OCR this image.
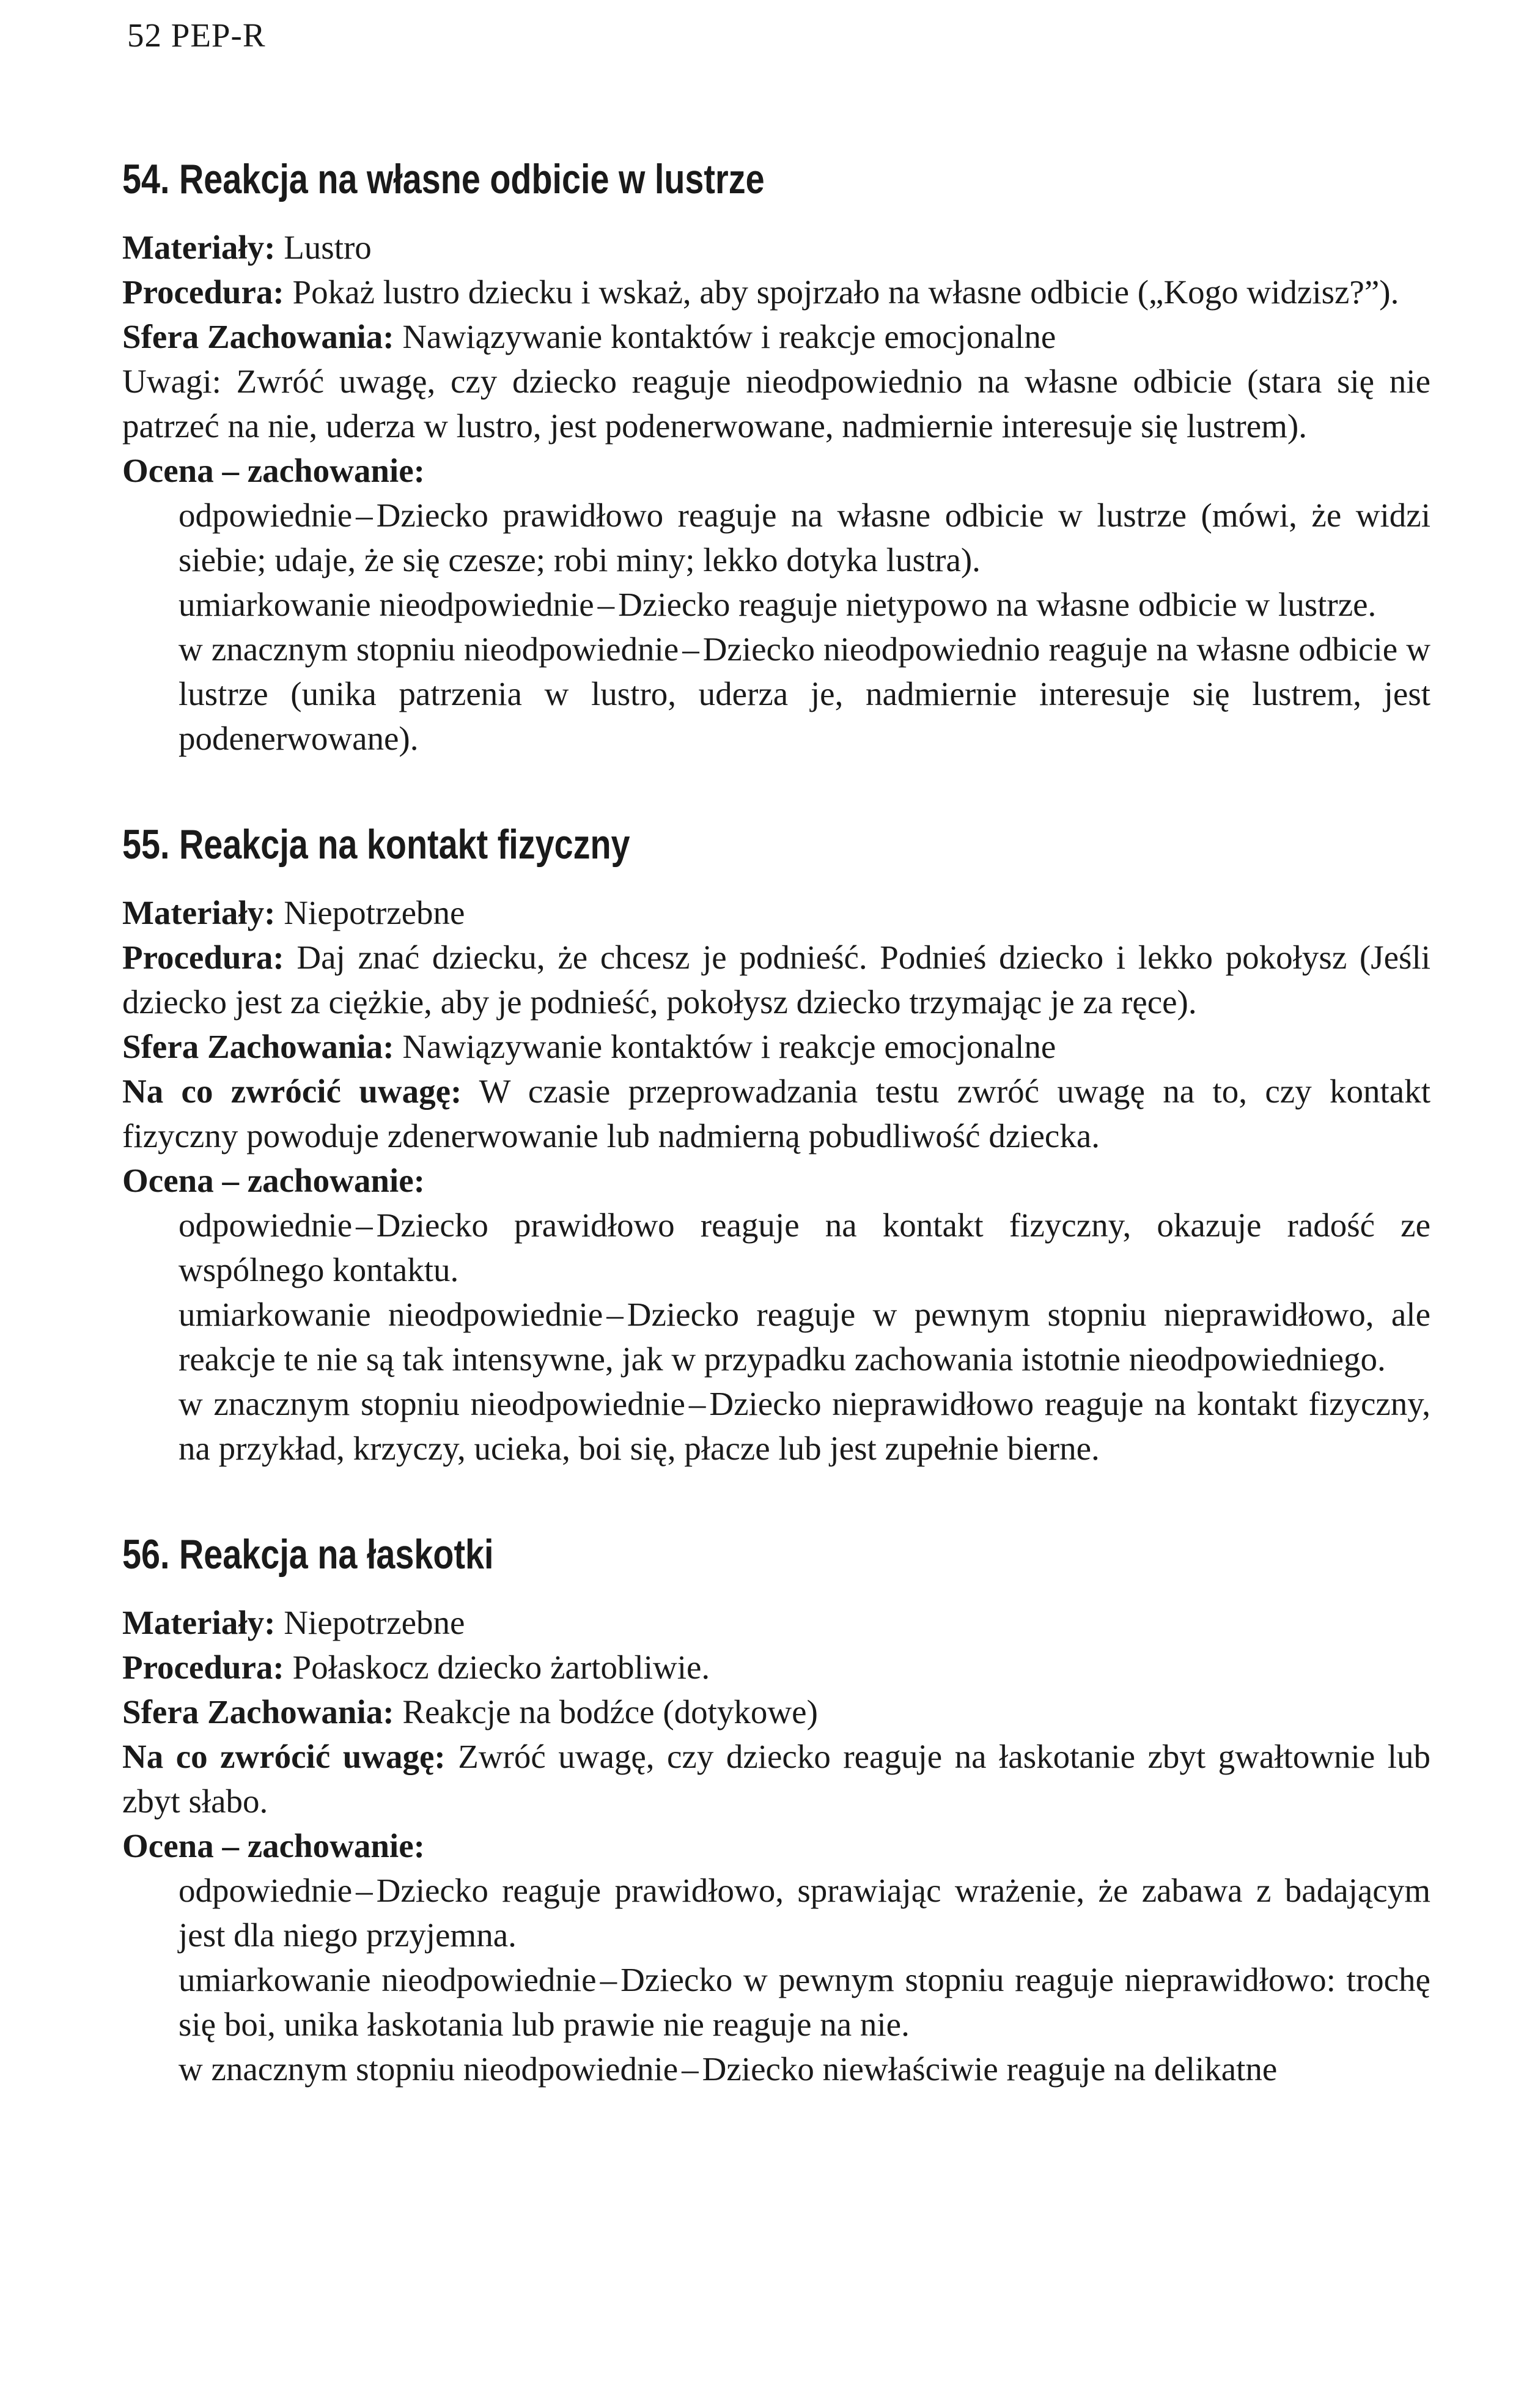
52 PEP-R
54. Reakcja na własne odbicie w lustrze

Materiały: Lustro

Procedura: Pokaż lustro dziecku i wskaż, aby spojrzało na własne odbicie („Kogo widzisz?”).

Sfera Zachowania: Nawiązywanie kontaktów i reakcje emocjonalne

Uwagi: Zwróć uwagę, czy dziecko reaguje nieodpowiednio na własne odbicie (stara się nie patrzeć na nie, uderza w lustro, jest podenerwowane, nadmiernie interesuje się lustrem).

Ocena – zachowanie:

odpowiednie – Dziecko prawidłowo reaguje na własne odbicie w lustrze (mówi, że widzi siebie; udaje, że się czesze; robi miny; lekko dotyka lustra).

umiarkowanie nieodpowiednie – Dziecko reaguje nietypowo na własne odbicie w lustrze.

w znacznym stopniu nieodpowiednie – Dziecko nieodpowiednio reaguje na własne odbicie w lustrze (unika patrzenia w lustro, uderza je, nadmiernie interesuje się lustrem, jest podenerwowane).

55. Reakcja na kontakt fizyczny

Materiały: Niepotrzebne

Procedura: Daj znać dziecku, że chcesz je podnieść. Podnieś dziecko i lekko pokołysz (Jeśli dziecko jest za ciężkie, aby je podnieść, pokołysz dziecko trzymając je za ręce).

Sfera Zachowania: Nawiązywanie kontaktów i reakcje emocjonalne

Na co zwrócić uwagę: W czasie przeprowadzania testu zwróć uwagę na to, czy kontakt fizyczny powoduje zdenerwowanie lub nadmierną pobudliwość dziecka.

Ocena – zachowanie:

odpowiednie – Dziecko prawidłowo reaguje na kontakt fizyczny, okazuje radość ze wspólnego kontaktu.

umiarkowanie nieodpowiednie – Dziecko reaguje w pewnym stopniu nieprawidłowo, ale reakcje te nie są tak intensywne, jak w przypadku zachowania istotnie nieodpowiedniego.

w znacznym stopniu nieodpowiednie – Dziecko nieprawidłowo reaguje na kontakt fizyczny, na przykład, krzyczy, ucieka, boi się, płacze lub jest zupełnie bierne.

56. Reakcja na łaskotki

Materiały: Niepotrzebne

Procedura: Połaskocz dziecko żartobliwie.

Sfera Zachowania: Reakcje na bodźce (dotykowe)

Na co zwrócić uwagę: Zwróć uwagę, czy dziecko reaguje na łaskotanie zbyt gwałtownie lub zbyt słabo.

Ocena – zachowanie:

odpowiednie – Dziecko reaguje prawidłowo, sprawiając wrażenie, że zabawa z badającym jest dla niego przyjemna.

umiarkowanie nieodpowiednie – Dziecko w pewnym stopniu reaguje nieprawidłowo: trochę się boi, unika łaskotania lub prawie nie reaguje na nie.

w znacznym stopniu nieodpowiednie – Dziecko niewłaściwie reaguje na delikatne
